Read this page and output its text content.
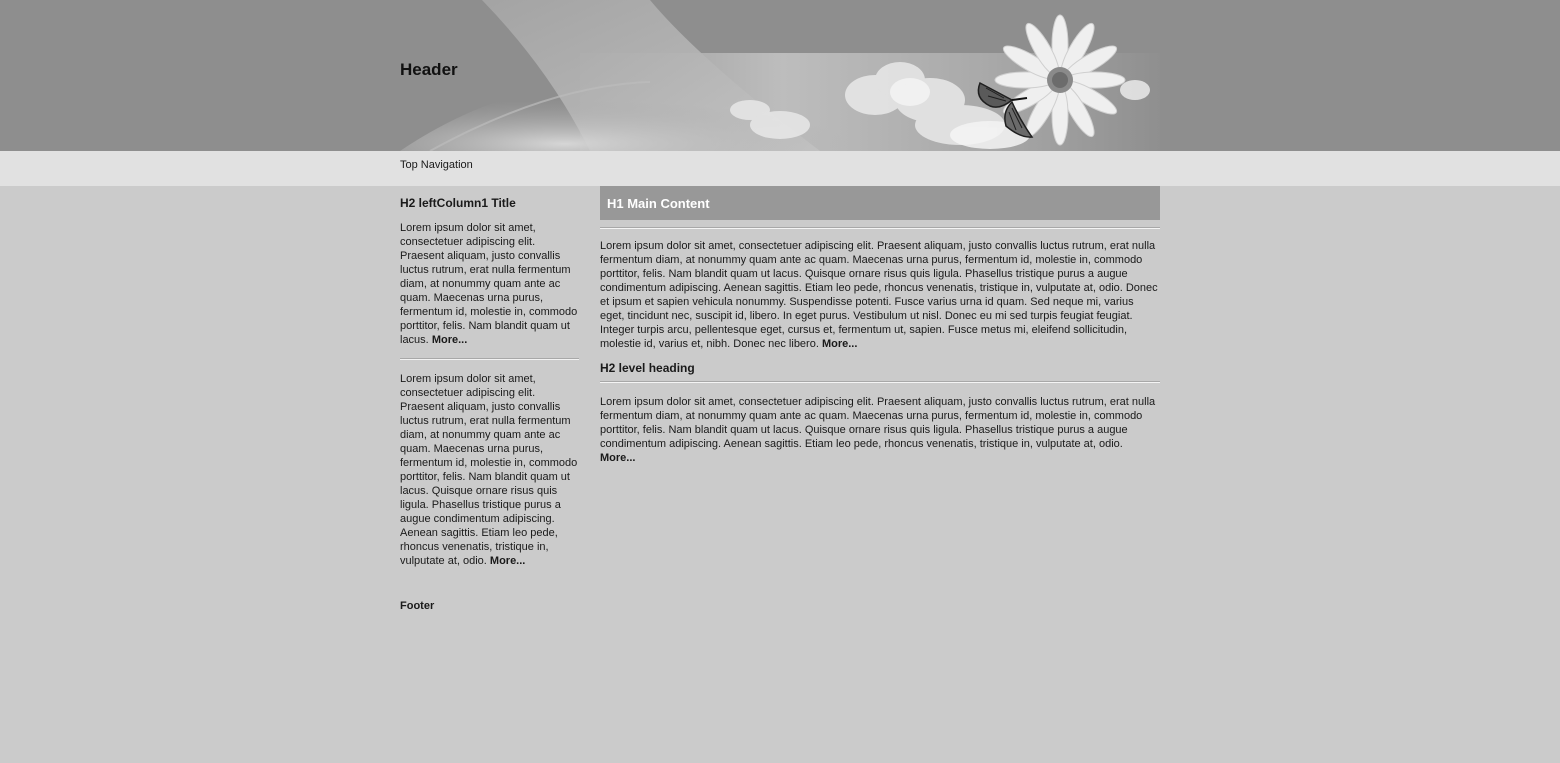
Header
Top Navigation
H2 leftColumn1 Title

Lorem ipsum dolor sit amet, consectetuer adipiscing elit. Praesent aliquam, justo convallis luctus rutrum, erat nulla fermentum diam, at nonummy quam ante ac quam. Maecenas urna purus, fermentum id, molestie in, commodo porttitor, felis. Nam blandit quam ut lacus. More...

Lorem ipsum dolor sit amet, consectetuer adipiscing elit. Praesent aliquam, justo convallis luctus rutrum, erat nulla fermentum diam, at nonummy quam ante ac quam. Maecenas urna purus, fermentum id, molestie in, commodo porttitor, felis. Nam blandit quam ut lacus. Quisque ornare risus quis ligula. Phasellus tristique purus a augue condimentum adipiscing. Aenean sagittis. Etiam leo pede, rhoncus venenatis, tristique in, vulputate at, odio. More...

H1 Main Content

Lorem ipsum dolor sit amet, consectetuer adipiscing elit. Praesent aliquam, justo convallis luctus rutrum, erat nulla fermentum diam, at nonummy quam ante ac quam. Maecenas urna purus, fermentum id, molestie in, commodo porttitor, felis. Nam blandit quam ut lacus. Quisque ornare risus quis ligula. Phasellus tristique purus a augue condimentum adipiscing. Aenean sagittis. Etiam leo pede, rhoncus venenatis, tristique in, vulputate at, odio. Donec et ipsum et sapien vehicula nonummy. Suspendisse potenti. Fusce varius urna id quam. Sed neque mi, varius eget, tincidunt nec, suscipit id, libero. In eget purus. Vestibulum ut nisl. Donec eu mi sed turpis feugiat feugiat. Integer turpis arcu, pellentesque eget, cursus et, fermentum ut, sapien. Fusce metus mi, eleifend sollicitudin, molestie id, varius et, nibh. Donec nec libero. More...

H2 level heading

Lorem ipsum dolor sit amet, consectetuer adipiscing elit. Praesent aliquam, justo convallis luctus rutrum, erat nulla fermentum diam, at nonummy quam ante ac quam. Maecenas urna purus, fermentum id, molestie in, commodo porttitor, felis. Nam blandit quam ut lacus. Quisque ornare risus quis ligula. Phasellus tristique purus a augue condimentum adipiscing. Aenean sagittis. Etiam leo pede, rhoncus venenatis, tristique in, vulputate at, odio. More...

Footer
